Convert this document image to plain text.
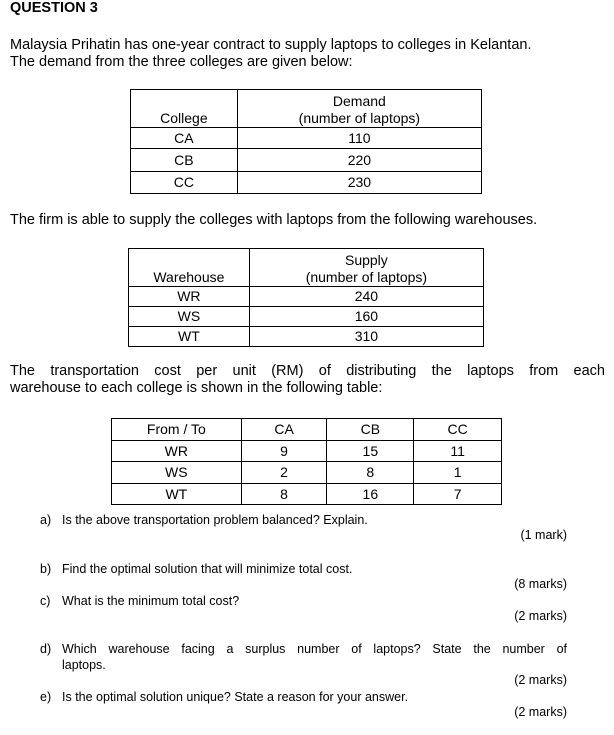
QUESTION 3
Malaysia Prihatin has one-year contract to supply laptops to colleges in Kelantan.
The demand from the three colleges are given below:
College	Demand
(number of laptops)

CA	110
CB	220
CC	230
The firm is able to supply the colleges with laptops from the following warehouses.
Warehouse	Supply
(number of laptops)

WR	240
WS	160
WT	310
The transportation cost per unit (RM) of distributing the laptops from each
warehouse to each college is shown in the following table:
From / To	CA	CB	CC
WR	9	15	11
WS	2	8	1
WT	8	16	7
a) Is the above transportation problem balanced? Explain.
(1 mark)
b) Find the optimal solution that will minimize total cost.
(8 marks)
c) What is the minimum total cost?
(2 marks)
d) Which warehouse facing a surplus number of laptops? State the number of
laptops.
(2 marks)
e) Is the optimal solution unique? State a reason for your answer.
(2 marks)
